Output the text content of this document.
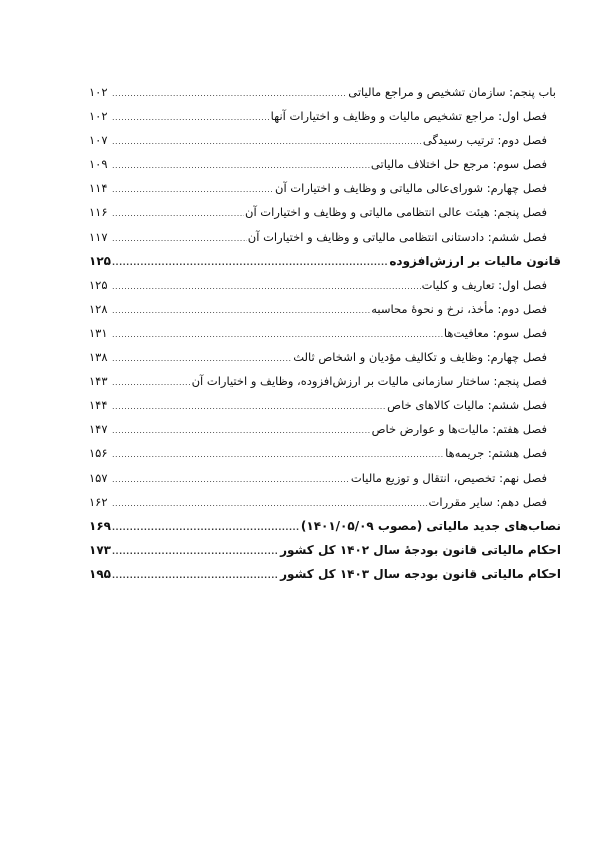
باب پنجم: سازمان تشخیص و مراجع مالیاتی
.....
۱۰۲
فصل اول: مراجع تشخیص مالیات و وظایف و اختیارات آنها
.....
۱۰۲
فصل دوم: ترتیب رسیدگی
.....
۱۰۷
فصل سوم: مرجع حل اختلاف مالیاتی
.....
۱۰۹
فصل چهارم: شورای‌عالی مالیاتی و وظایف و اختیارات آن
.....
۱۱۴
فصل پنجم: هیئت عالی انتظامی مالیاتی و وظایف و اختیارات آن
.....
۱۱۶
فصل ششم: دادستانی انتظامی مالیاتی و وظایف و اختیارات آن
.....
۱۱۷
قانون مالیات بر ارزش‌افزوده
.....
۱۲۵
فصل اول: تعاریف و کلیات
.....
۱۲۵
فصل دوم: مأخذ، نرخ و نحوۀ محاسبه
.....
۱۲۸
فصل سوم: معافیت‌ها
.....
۱۳۱
فصل چهارم: وظایف و تکالیف مؤدیان و اشخاص ثالث
.....
۱۳۸
فصل پنجم: ساختار سازمانی مالیات بر ارزش‌افزوده، وظایف و اختیارات آن
.....
۱۴۳
فصل ششم: مالیات کالاهای خاص
.....
۱۴۴
فصل هفتم: مالیات‌ها و عوارض خاص
.....
۱۴۷
فصل هشتم: جریمه‌ها
.....
۱۵۶
فصل نهم: تخصیص، انتقال و توزیع مالیات
.....
۱۵۷
فصل دهم: سایر مقررات
.....
۱۶۲
نصاب‌های جدید مالیاتی (مصوب ۱۴۰۱/۰۵/۰۹)
.....
۱۶۹
احکام مالیاتی قانون بودجۀ سال ۱۴۰۲ کل کشور
.....
۱۷۳
احکام مالیاتی قانون بودجه سال ۱۴۰۳ کل کشور
.....
۱۹۵
